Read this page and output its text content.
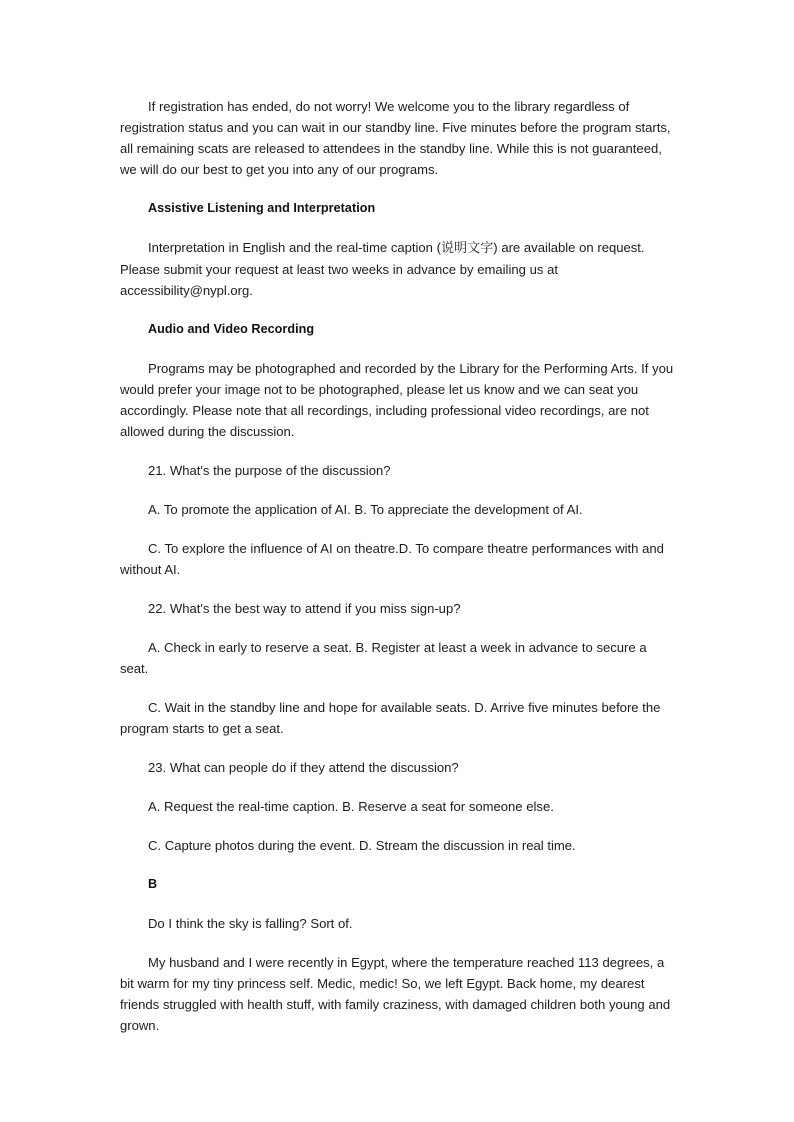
If registration has ended, do not worry! We welcome you to the library regardless of registration status and you can wait in our standby line. Five minutes before the program starts, all remaining scats are released to attendees in the standby line. While this is not guaranteed, we will do our best to get you into any of our programs.

Assistive Listening and Interpretation

Interpretation in English and the real-time caption (说明文字) are available on request. Please submit your request at least two weeks in advance by emailing us at accessibility@nypl.org.

Audio and Video Recording

Programs may be photographed and recorded by the Library for the Performing Arts. If you would prefer your image not to be photographed, please let us know and we can seat you accordingly. Please note that all recordings, including professional video recordings, are not allowed during the discussion.

21. What's the purpose of the discussion?

A. To promote the application of AI. B. To appreciate the development of AI.

C. To explore the influence of AI on theatre.D. To compare theatre performances with and without AI.

22. What's the best way to attend if you miss sign-up?

A. Check in early to reserve a seat. B. Register at least a week in advance to secure a seat.

C. Wait in the standby line and hope for available seats. D. Arrive five minutes before the program starts to get a seat.

23. What can people do if they attend the discussion?

A. Request the real-time caption. B. Reserve a seat for someone else.

C. Capture photos during the event. D. Stream the discussion in real time.

B

Do I think the sky is falling? Sort of.

My husband and I were recently in Egypt, where the temperature reached 113 degrees, a bit warm for my tiny princess self. Medic, medic! So, we left Egypt. Back home, my dearest friends struggled with health stuff, with family craziness, with damaged children both young and grown.
